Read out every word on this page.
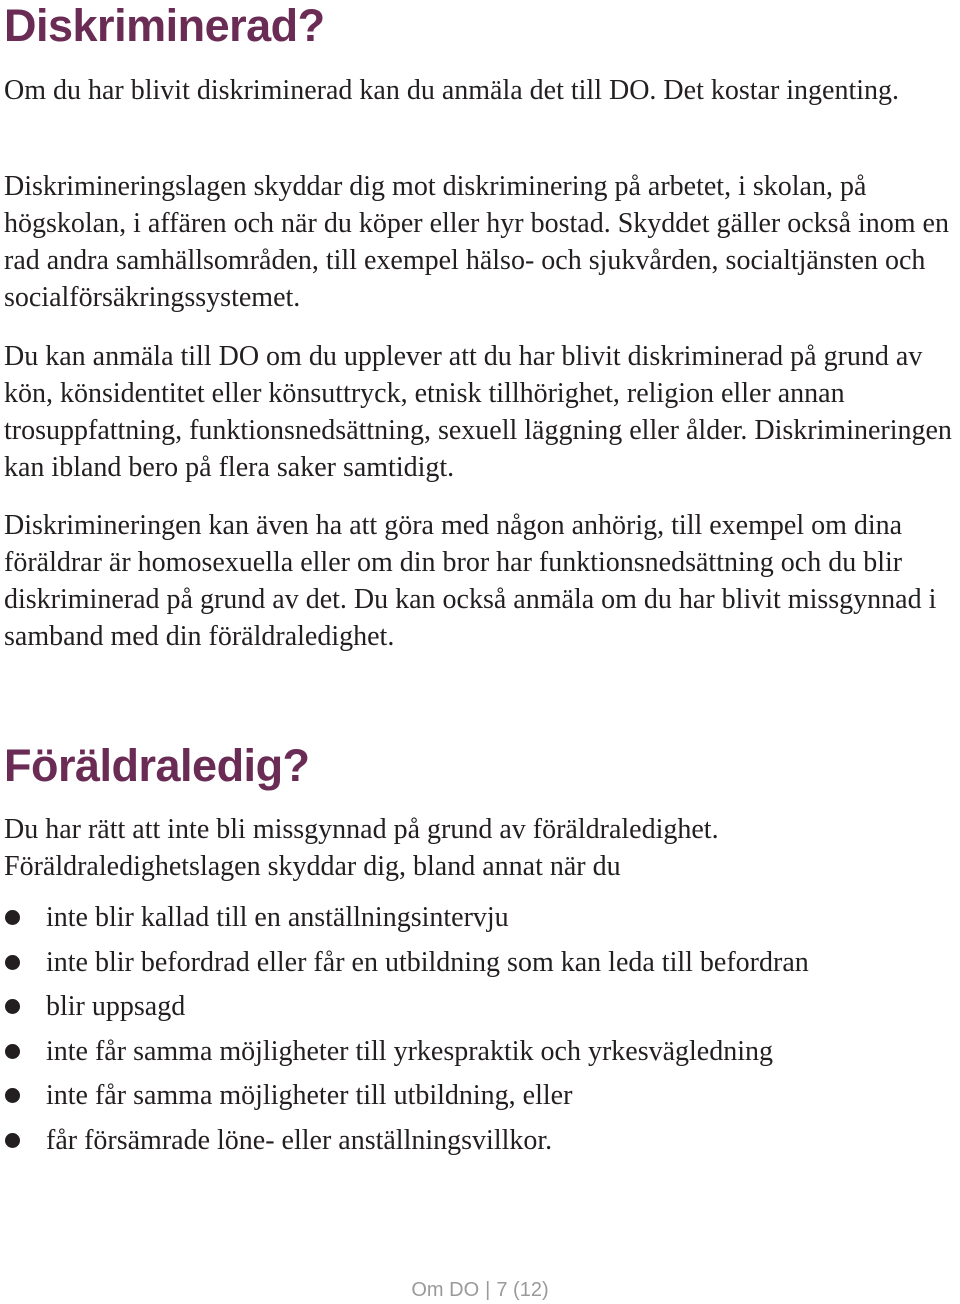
Diskriminerad?

Om du har blivit diskriminerad kan du anmäla det till DO. Det kostar ingenting.

Diskrimineringslagen skyddar dig mot diskriminering på arbetet, i skolan, på högskolan, i affären och när du köper eller hyr bostad. Skyddet gäller också inom en rad andra samhällsområden, till exempel hälso- och sjukvården, socialtjänsten och socialförsäkringssystemet.

Du kan anmäla till DO om du upplever att du har blivit diskriminerad på grund av kön, könsidentitet eller könsuttryck, etnisk tillhörighet, religion eller annan trosuppfattning, funktionsnedsättning, sexuell läggning eller ålder. Diskrimineringen kan ibland bero på flera saker samtidigt.

Diskrimineringen kan även ha att göra med någon anhörig, till exempel om dina föräldrar är homosexuella eller om din bror har funktionsnedsättning och du blir diskriminerad på grund av det. Du kan också anmäla om du har blivit missgynnad i samband med din föräldraledighet.

Föräldraledig?

Du har rätt att inte bli missgynnad på grund av föräldraledighet. Föräldraledighetslagen skyddar dig, bland annat när du

inte blir kallad till en anställningsintervju
inte blir befordrad eller får en utbildning som kan leda till befordran
blir uppsagd
inte får samma möjligheter till yrkespraktik och yrkesvägledning
inte får samma möjligheter till utbildning, eller
får försämrade löne- eller anställningsvillkor.
Om DO | 7 (12)
